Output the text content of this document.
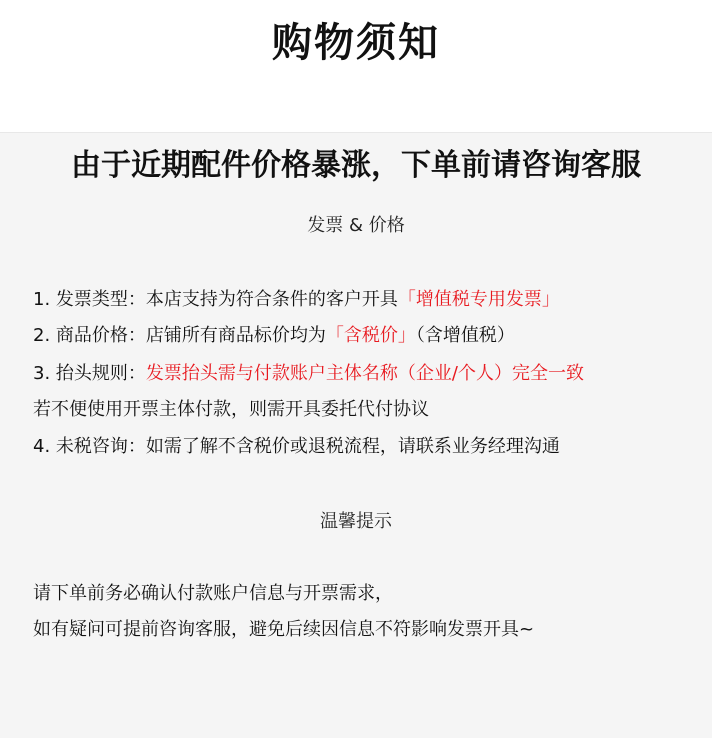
购物须知
由于近期配件价格暴涨，下单前请咨询客服
发票 & 价格
1. 发票类型：本店支持为符合条件的客户开具「增值税专用发票」
2. 商品价格：店铺所有商品标价均为「含税价」（含增值税）
3. 抬头规则：发票抬头需与付款账户主体名称（企业/个人）完全一致
若不便使用开票主体付款，则需开具委托代付协议
4. 未税咨询：如需了解不含税价或退税流程，请联系业务经理沟通
温馨提示
请下单前务必确认付款账户信息与开票需求，
如有疑问可提前咨询客服，避免后续因信息不符影响发票开具~
